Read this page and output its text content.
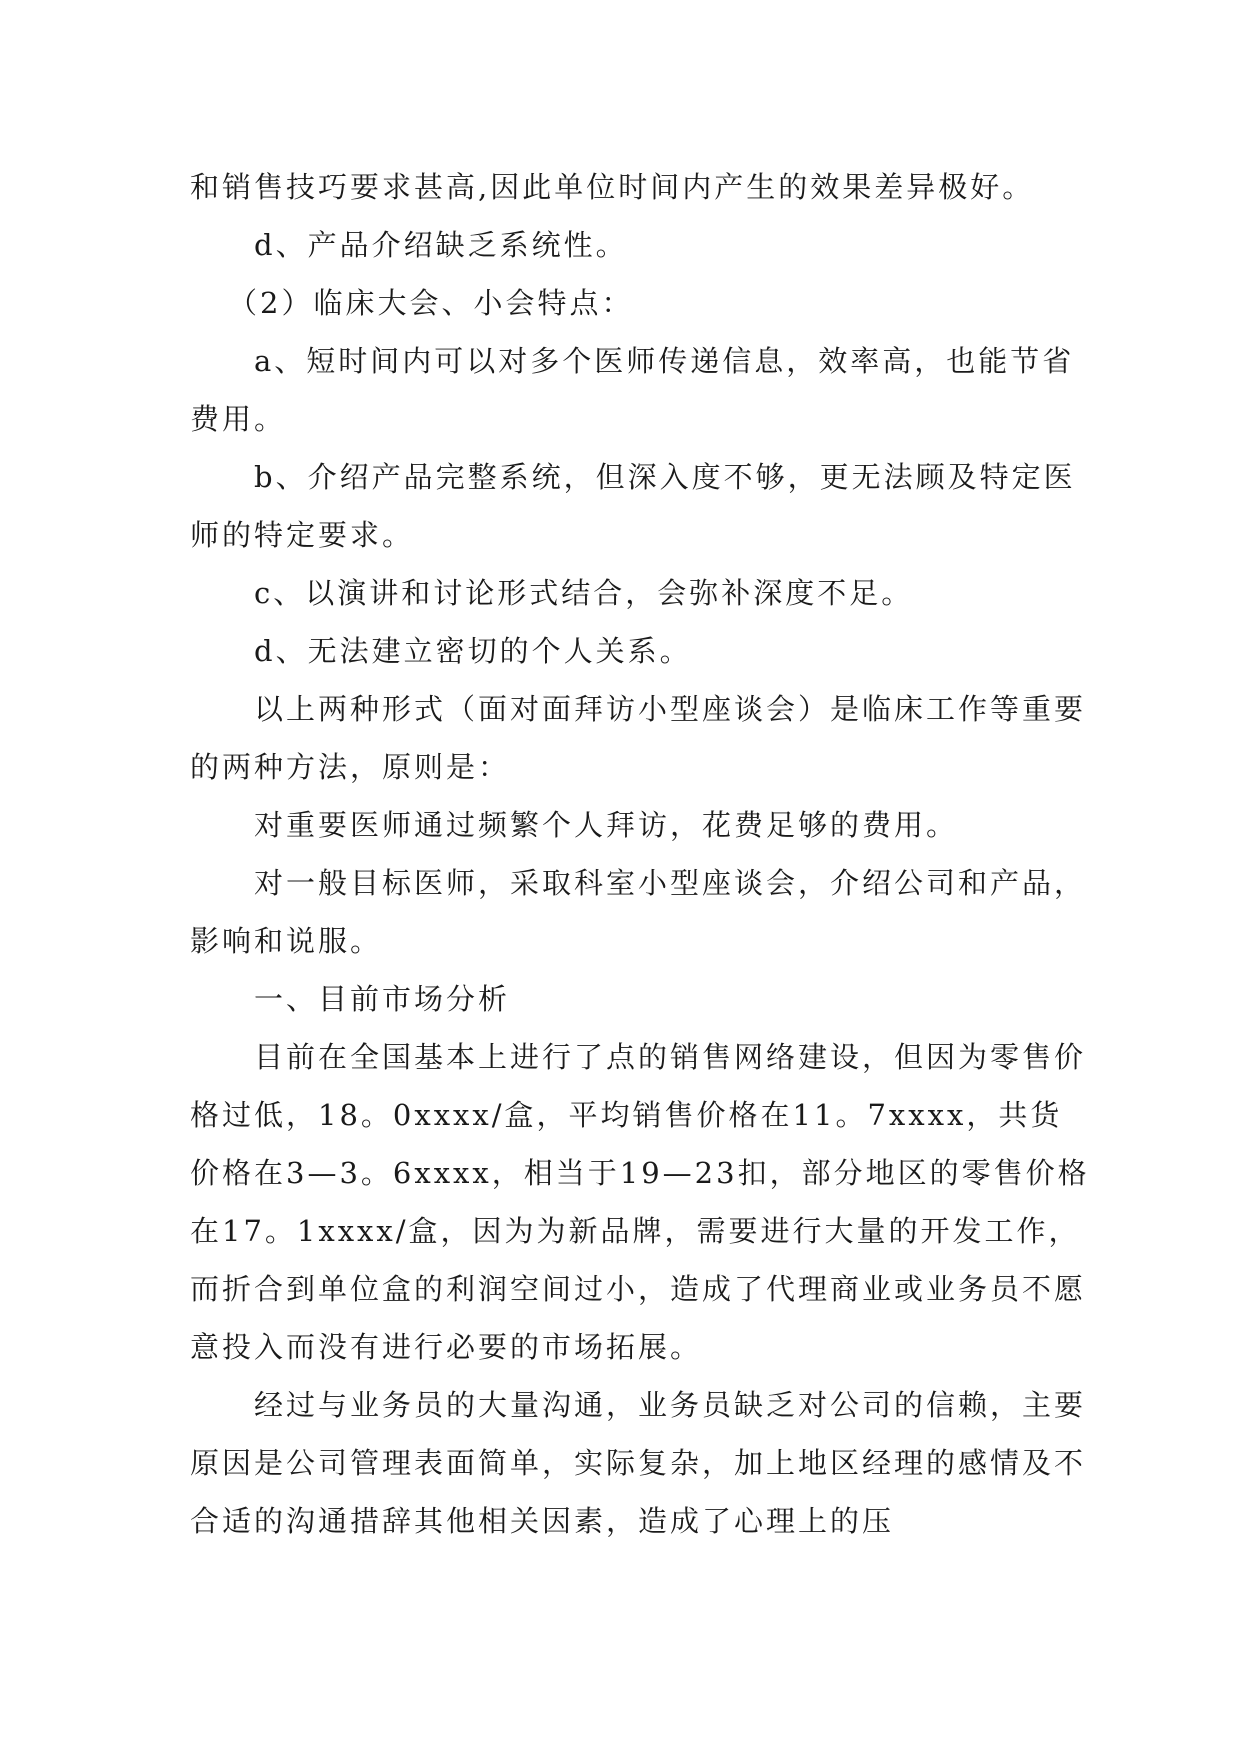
和销售技巧要求甚高,因此单位时间内产生的效果差异极好。

d、产品介绍缺乏系统性。

（2）临床大会、小会特点：

a、短时间内可以对多个医师传递信息，效率高，也能节省费用。

b、介绍产品完整系统，但深入度不够，更无法顾及特定医师的特定要求。

c、以演讲和讨论形式结合，会弥补深度不足。

d、无法建立密切的个人关系。

以上两种形式（面对面拜访小型座谈会）是临床工作等重要的两种方法，原则是：

对重要医师通过频繁个人拜访，花费足够的费用。

对一般目标医师，采取科室小型座谈会，介绍公司和产品，影响和说服。

一、目前市场分析

目前在全国基本上进行了点的销售网络建设，但因为零售价格过低，18。0xxxx/盒，平均销售价格在11。7xxxx，共货价格在3—3。6xxxx，相当于19—23扣，部分地区的零售价格在17。1xxxx/盒，因为为新品牌，需要进行大量的开发工作，而折合到单位盒的利润空间过小，造成了代理商业或业务员不愿意投入而没有进行必要的市场拓展。

经过与业务员的大量沟通，业务员缺乏对公司的信赖，主要原因是公司管理表面简单，实际复杂，加上地区经理的感情及不合适的沟通措辞其他相关因素，造成了心理上的压
